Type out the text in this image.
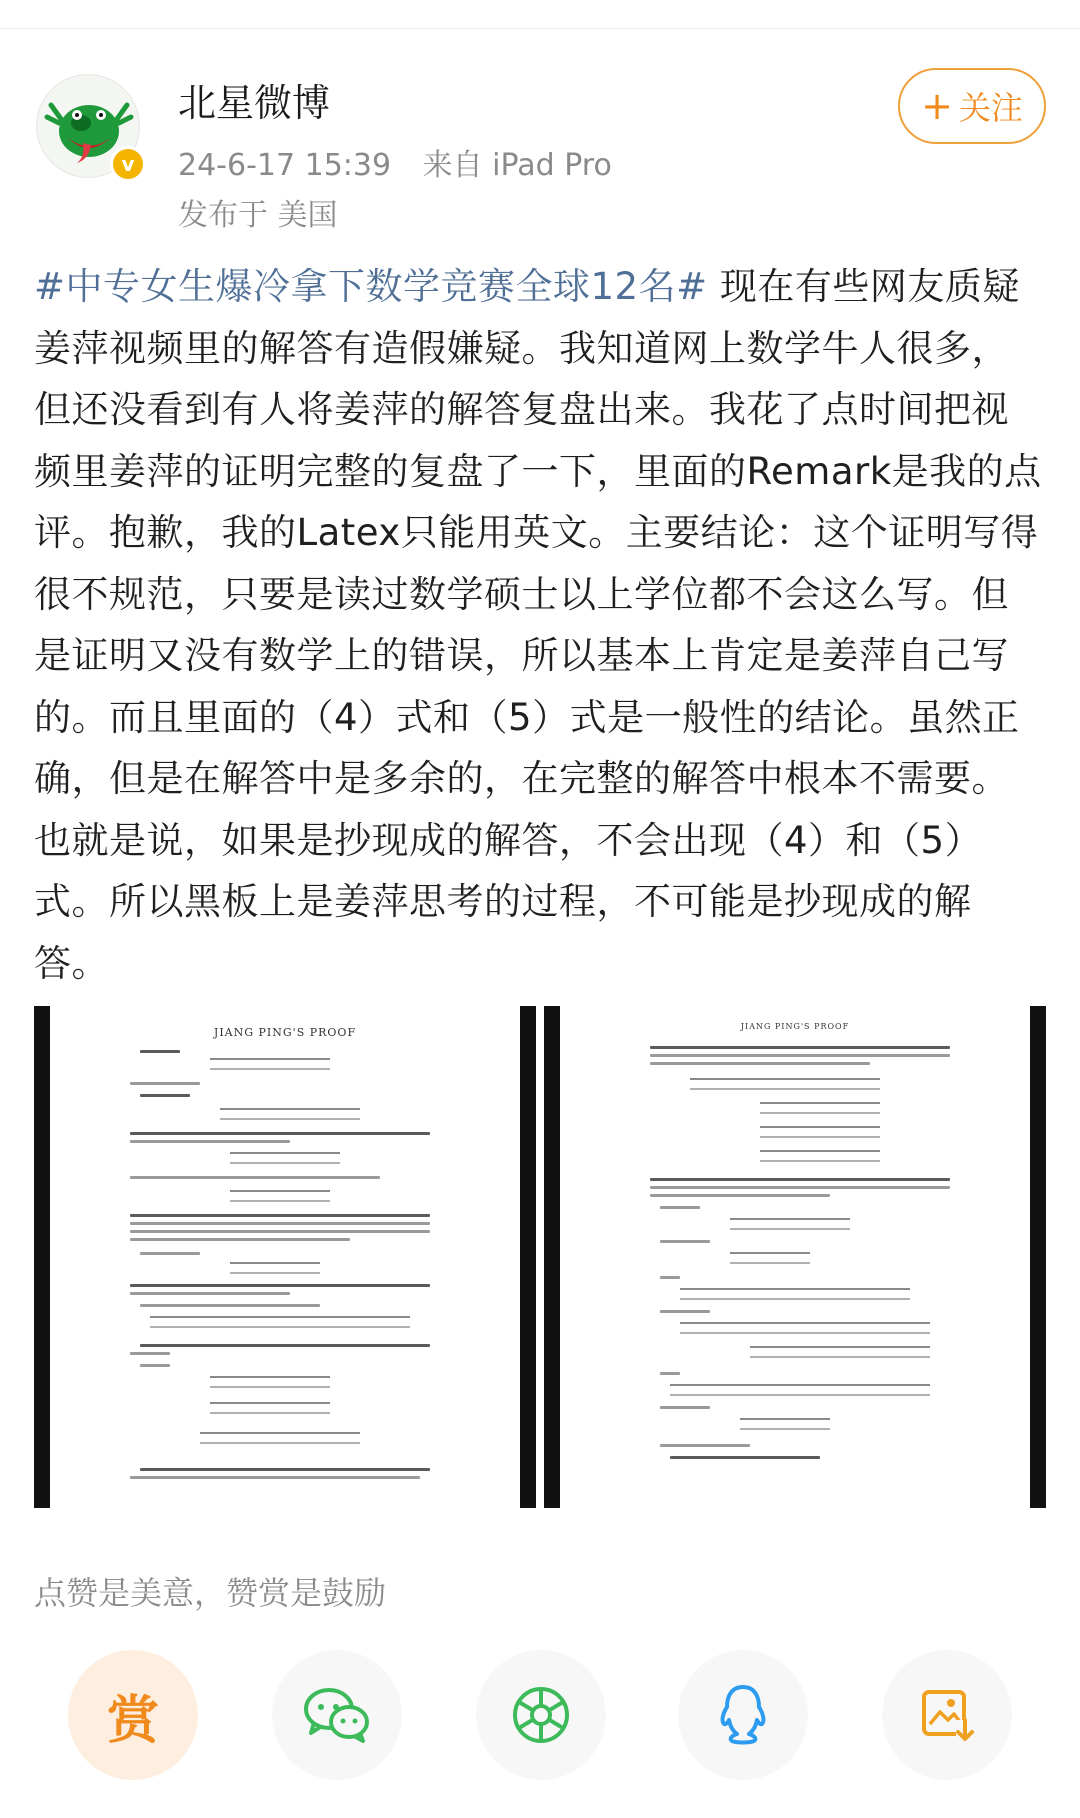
v
北星微博
24-6-17 15:39 来自 iPad Pro
发布于 美国
+ 关注
#中专女生爆冷拿下数学竞赛全球12名# 现在有些网友质疑姜萍视频里的解答有造假嫌疑。我知道网上数学牛人很多，但还没看到有人将姜萍的解答复盘出来。我花了点时间把视频里姜萍的证明完整的复盘了一下，里面的Remark是我的点评。抱歉，我的Latex只能用英文。主要结论：这个证明写得很不规范，只要是读过数学硕士以上学位都不会这么写。但是证明又没有数学上的错误，所以基本上肯定是姜萍自己写的。而且里面的（4）式和（5）式是一般性的结论。虽然正确，但是在解答中是多余的，在完整的解答中根本不需要。也就是说，如果是抄现成的解答，不会出现（4）和（5）式。所以黑板上是姜萍思考的过程，不可能是抄现成的解答。
JIANG PING'S PROOF	JIANG PING'S PROOF
点赞是美意，赞赏是鼓励
赏
